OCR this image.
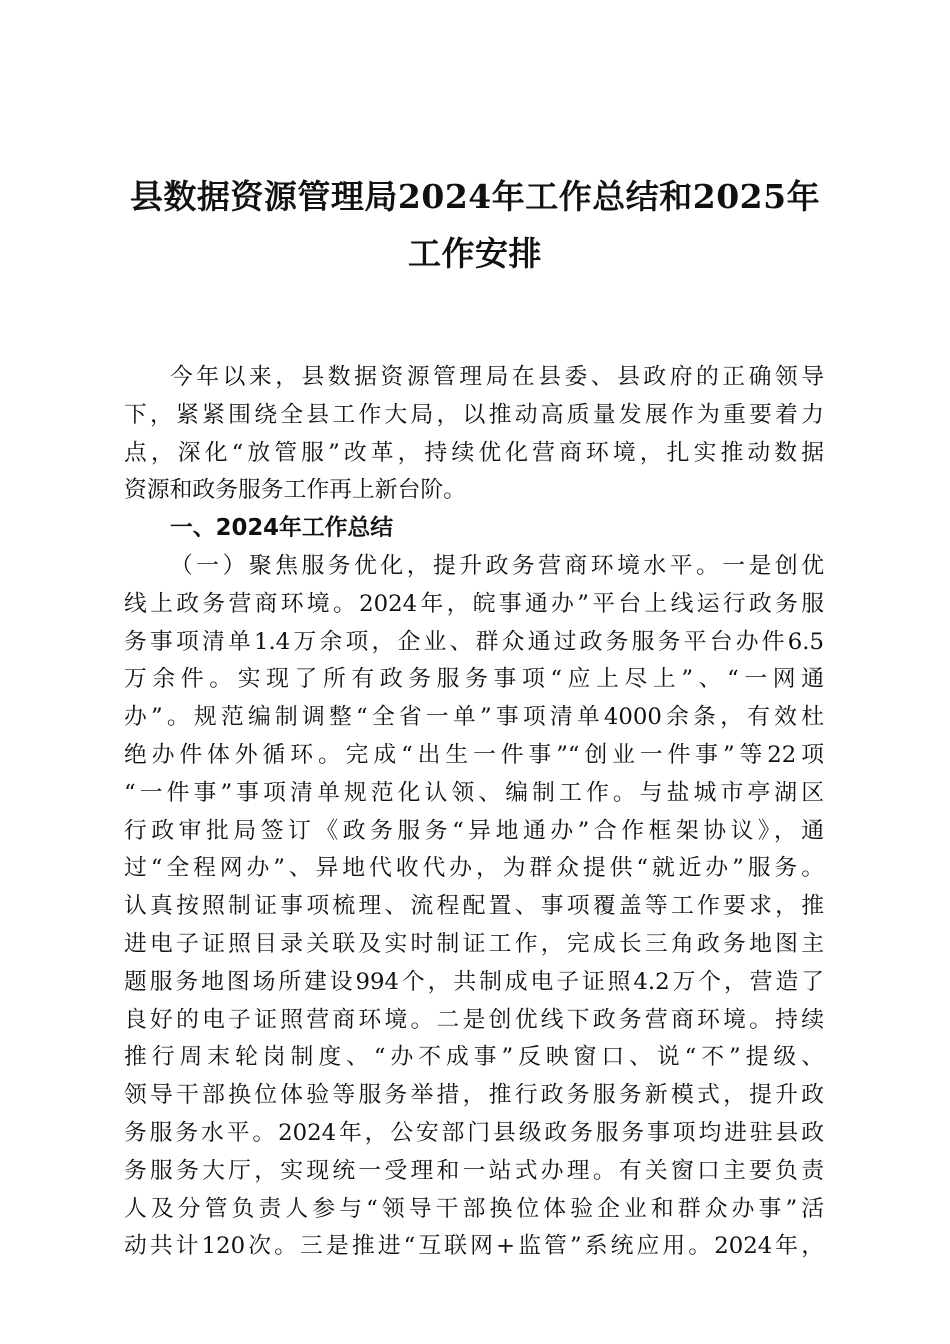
县数据资源管理局2024年工作总结和2025年
工作安排
今年以来，县数据资源管理局在县委、县政府的正确领导
下，紧紧围绕全县工作大局，以推动高质量发展作为重要着力
点，深化“放管服”改革，持续优化营商环境，扎实推动数据
资源和政务服务工作再上新台阶。
一、2024年工作总结
（一）聚焦服务优化，提升政务营商环境水平。一是创优
线上政务营商环境。2024年，皖事通办”平台上线运行政务服
务事项清单1.4万余项，企业、群众通过政务服务平台办件6.5
万余件。实现了所有政务服务事项“应上尽上”、“一网通
办”。规范编制调整“全省一单”事项清单4000余条，有效杜
绝办件体外循环。完成“出生一件事”“创业一件事”等22项
“一件事”事项清单规范化认领、编制工作。与盐城市亭湖区
行政审批局签订《政务服务“异地通办”合作框架协议》，通
过“全程网办”、异地代收代办，为群众提供“就近办”服务。
认真按照制证事项梳理、流程配置、事项覆盖等工作要求，推
进电子证照目录关联及实时制证工作，完成长三角政务地图主
题服务地图场所建设994个，共制成电子证照4.2万个，营造了
良好的电子证照营商环境。二是创优线下政务营商环境。持续
推行周末轮岗制度、“办不成事”反映窗口、说“不”提级、
领导干部换位体验等服务举措，推行政务服务新模式，提升政
务服务水平。2024年，公安部门县级政务服务事项均进驻县政
务服务大厅，实现统一受理和一站式办理。有关窗口主要负责
人及分管负责人参与“领导干部换位体验企业和群众办事”活
动共计120次。三是推进“互联网+监管”系统应用。2024年，
